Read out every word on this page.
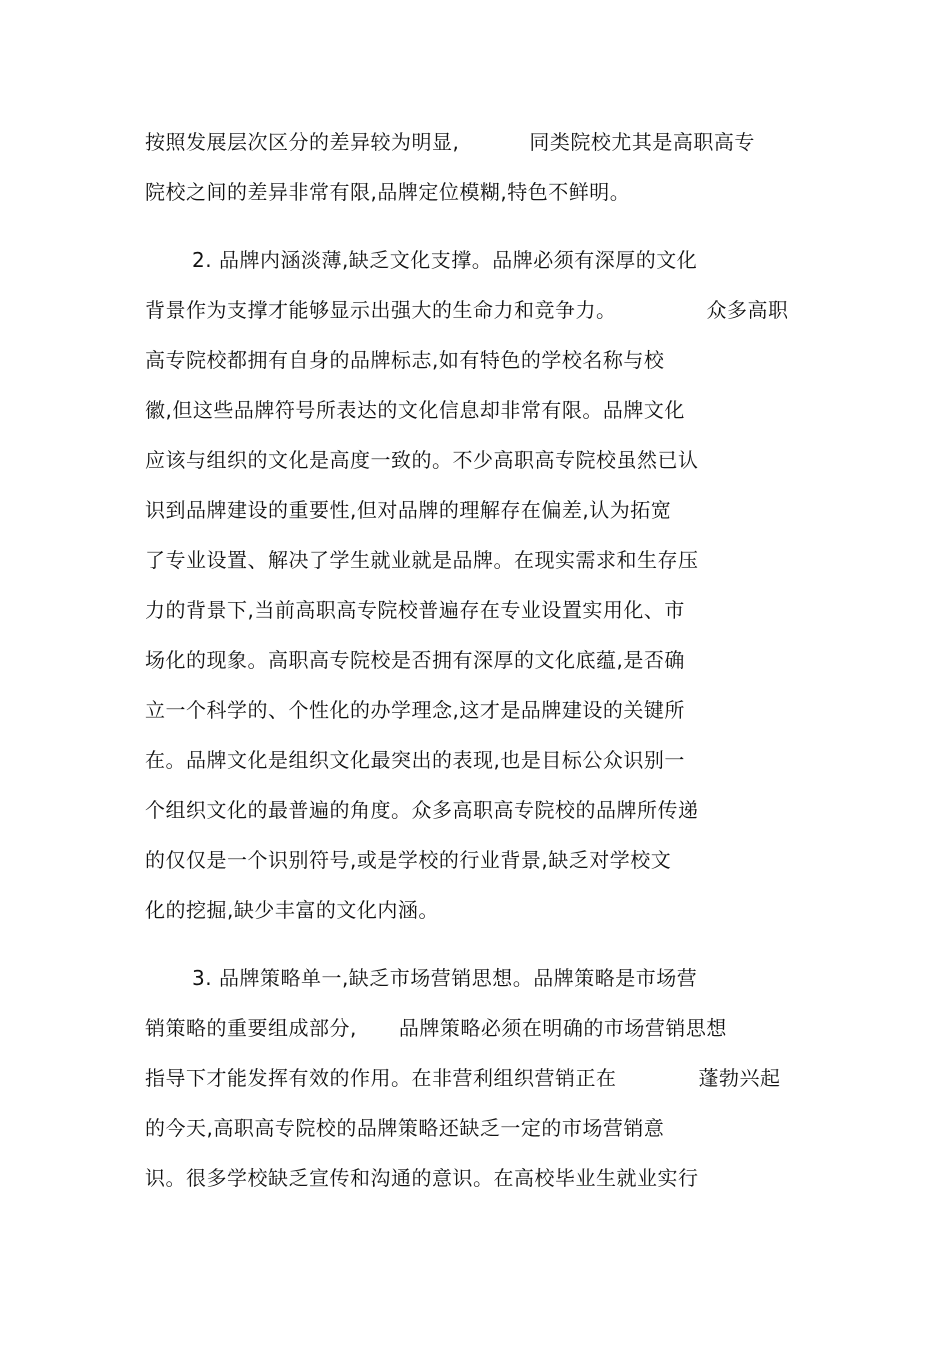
按照发展层次区分的差异较为明显,	同类院校尤其是高职高专
院校之间的差异非常有限,品牌定位模糊,特色不鲜明。
2. 品牌内涵淡薄,缺乏文化支撑。品牌必须有深厚的文化
背景作为支撑才能够显示出强大的生命力和竞争力。	众多高职
高专院校都拥有自身的品牌标志,如有特色的学校名称与校
徽,但这些品牌符号所表达的文化信息却非常有限。品牌文化
应该与组织的文化是高度一致的。不少高职高专院校虽然已认
识到品牌建设的重要性,但对品牌的理解存在偏差,认为拓宽
了专业设置、解决了学生就业就是品牌。在现实需求和生存压
力的背景下,当前高职高专院校普遍存在专业设置实用化、市
场化的现象。高职高专院校是否拥有深厚的文化底蕴,是否确
立一个科学的、个性化的办学理念,这才是品牌建设的关键所
在。品牌文化是组织文化最突出的表现,也是目标公众识别一
个组织文化的最普遍的角度。众多高职高专院校的品牌所传递
的仅仅是一个识别符号,或是学校的行业背景,缺乏对学校文
化的挖掘,缺少丰富的文化内涵。
3. 品牌策略单一,缺乏市场营销思想。品牌策略是市场营
销策略的重要组成部分, 品牌策略必须在明确的市场营销思想
指导下才能发挥有效的作用。在非营利组织营销正在	蓬勃兴起
的今天,高职高专院校的品牌策略还缺乏一定的市场营销意
识。很多学校缺乏宣传和沟通的意识。在高校毕业生就业实行
